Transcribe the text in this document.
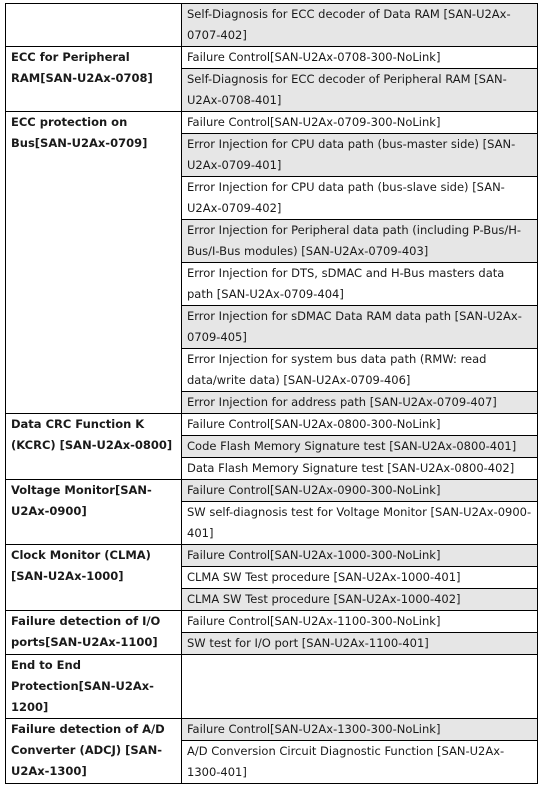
	Self-Diagnosis for ECC decoder of Data RAM [SAN-U2Ax-0707-402]
ECC for Peripheral RAM[SAN-U2Ax-0708]	Failure Control[SAN-U2Ax-0708-300-NoLink]
	Self-Diagnosis for ECC decoder of Peripheral RAM [SAN-U2Ax-0708-401]
ECC protection on Bus[SAN-U2Ax-0709]	Failure Control[SAN-U2Ax-0709-300-NoLink]
	Error Injection for CPU data path (bus-master side) [SAN-U2Ax-0709-401]
	Error Injection for CPU data path (bus-slave side) [SAN-U2Ax-0709-402]
	Error Injection for Peripheral data path (including P-Bus/H-Bus/I-Bus modules) [SAN-U2Ax-0709-403]
	Error Injection for DTS, sDMAC and H-Bus masters data path [SAN-U2Ax-0709-404]
	Error Injection for sDMAC Data RAM data path [SAN-U2Ax-0709-405]
	Error Injection for system bus data path (RMW: read data/write data) [SAN-U2Ax-0709-406]
	Error Injection for address path [SAN-U2Ax-0709-407]
Data CRC Function K (KCRC) [SAN-U2Ax-0800]	Failure Control[SAN-U2Ax-0800-300-NoLink]
	Code Flash Memory Signature test [SAN-U2Ax-0800-401]
	Data Flash Memory Signature test [SAN-U2Ax-0800-402]
Voltage Monitor[SAN-U2Ax-0900]	Failure Control[SAN-U2Ax-0900-300-NoLink]
	SW self-diagnosis test for Voltage Monitor [SAN-U2Ax-0900-401]
Clock Monitor (CLMA) [SAN-U2Ax-1000]	Failure Control[SAN-U2Ax-1000-300-NoLink]
	CLMA SW Test procedure [SAN-U2Ax-1000-401]
	CLMA SW Test procedure [SAN-U2Ax-1000-402]
Failure detection of I/O ports[SAN-U2Ax-1100]	Failure Control[SAN-U2Ax-1100-300-NoLink]
	SW test for I/O port [SAN-U2Ax-1100-401]
End to End Protection[SAN-U2Ax-1200]	
Failure detection of A/D Converter (ADCJ) [SAN-U2Ax-1300]	Failure Control[SAN-U2Ax-1300-300-NoLink]
	A/D Conversion Circuit Diagnostic Function [SAN-U2Ax-1300-401]
